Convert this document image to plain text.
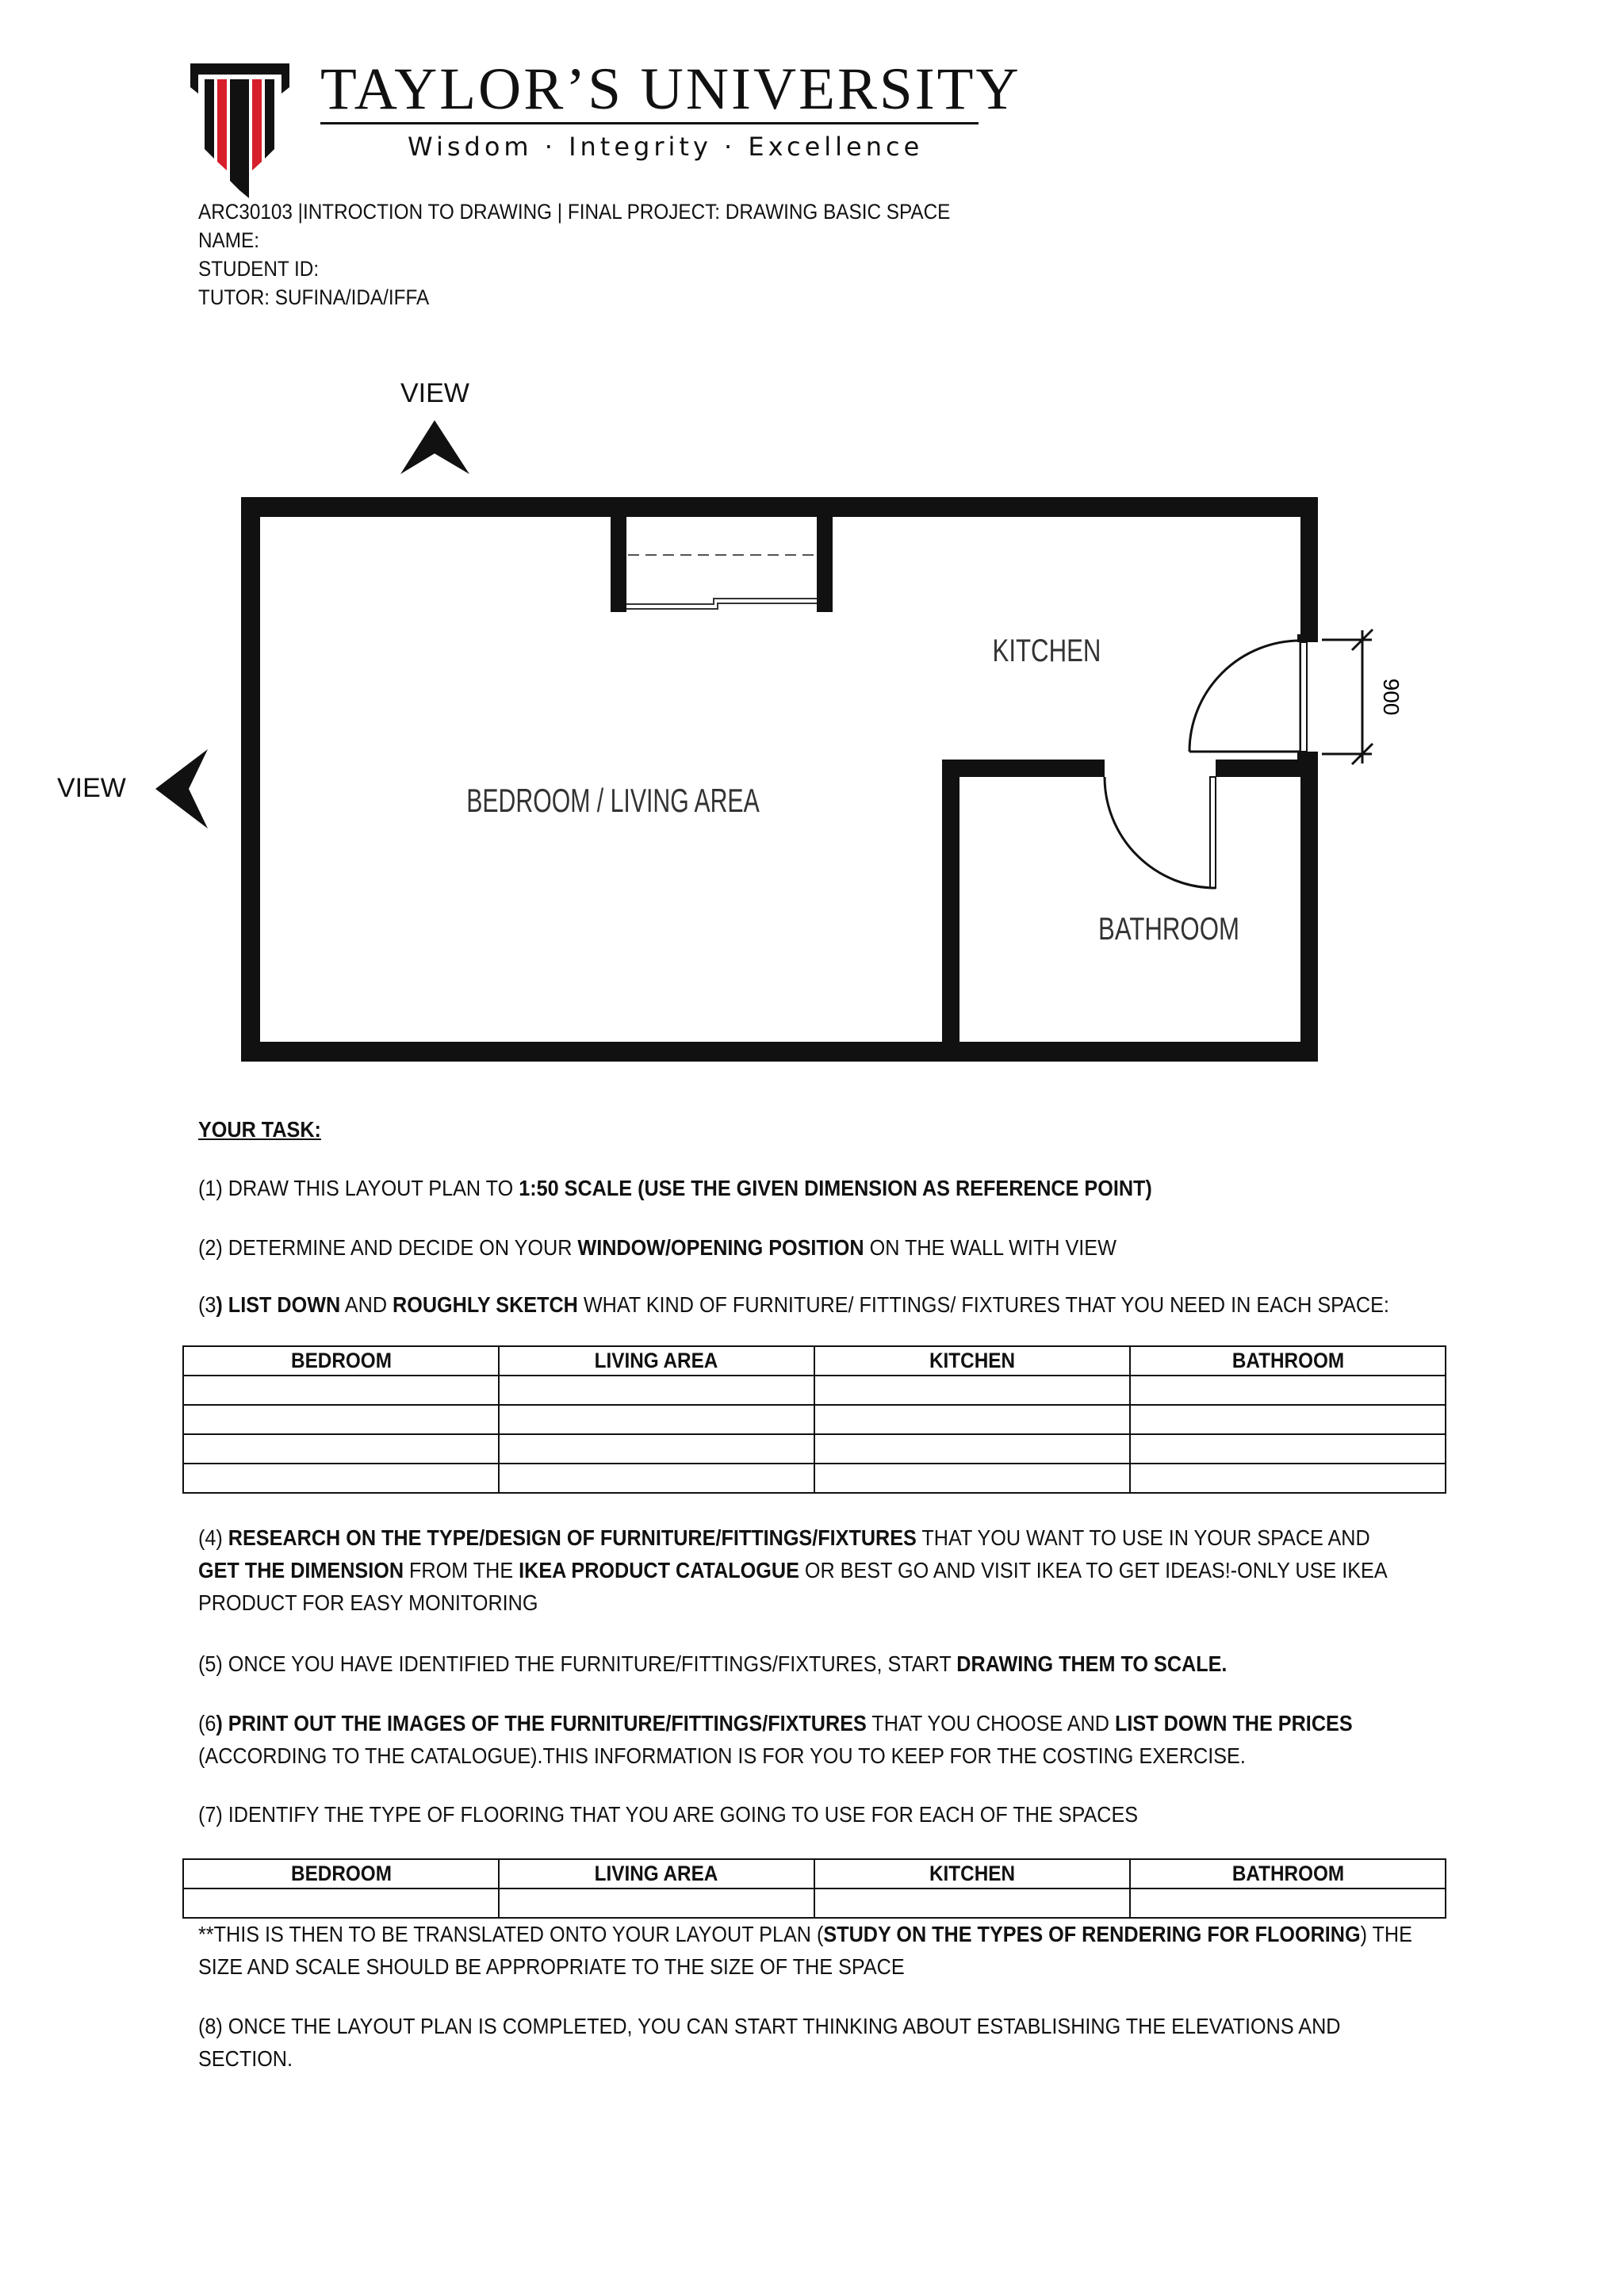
TAYLOR’S UNIVERSITY
Wisdom · Integrity · Excellence
ARC30103 |INTROCTION TO DRAWING | FINAL PROJECT: DRAWING BASIC SPACE
NAME:
STUDENT ID:
TUTOR: SUFINA/IDA/IFFA
VIEW
VIEW
900
KITCHEN
BEDROOM / LIVING AREA
BATHROOM
YOUR TASK:
(1) DRAW THIS LAYOUT PLAN TO 1:50 SCALE (USE THE GIVEN DIMENSION AS REFERENCE POINT)
(2) DETERMINE AND DECIDE ON YOUR WINDOW/OPENING POSITION ON THE WALL WITH VIEW
(3) LIST DOWN AND ROUGHLY SKETCH WHAT KIND OF FURNITURE/ FITTINGS/ FIXTURES THAT YOU NEED IN EACH SPACE:
BEDROOM	LIVING AREA	KITCHEN	BATHROOM

(4) RESEARCH ON THE TYPE/DESIGN OF FURNITURE/FITTINGS/FIXTURES THAT YOU WANT TO USE IN YOUR SPACE AND
GET THE DIMENSION FROM THE IKEA PRODUCT CATALOGUE OR BEST GO AND VISIT IKEA TO GET IDEAS!-ONLY USE IKEA
PRODUCT FOR EASY MONITORING
(5) ONCE YOU HAVE IDENTIFIED THE FURNITURE/FITTINGS/FIXTURES, START DRAWING THEM TO SCALE.
(6) PRINT OUT THE IMAGES OF THE FURNITURE/FITTINGS/FIXTURES THAT YOU CHOOSE AND LIST DOWN THE PRICES
(ACCORDING TO THE CATALOGUE).THIS INFORMATION IS FOR YOU TO KEEP FOR THE COSTING EXERCISE.
(7) IDENTIFY THE TYPE OF FLOORING THAT YOU ARE GOING TO USE FOR EACH OF THE SPACES
BEDROOM	LIVING AREA	KITCHEN	BATHROOM

**THIS IS THEN TO BE TRANSLATED ONTO YOUR LAYOUT PLAN (STUDY ON THE TYPES OF RENDERING FOR FLOORING) THE
SIZE AND SCALE SHOULD BE APPROPRIATE TO THE SIZE OF THE SPACE
(8) ONCE THE LAYOUT PLAN IS COMPLETED, YOU CAN START THINKING ABOUT ESTABLISHING THE ELEVATIONS AND
SECTION.
